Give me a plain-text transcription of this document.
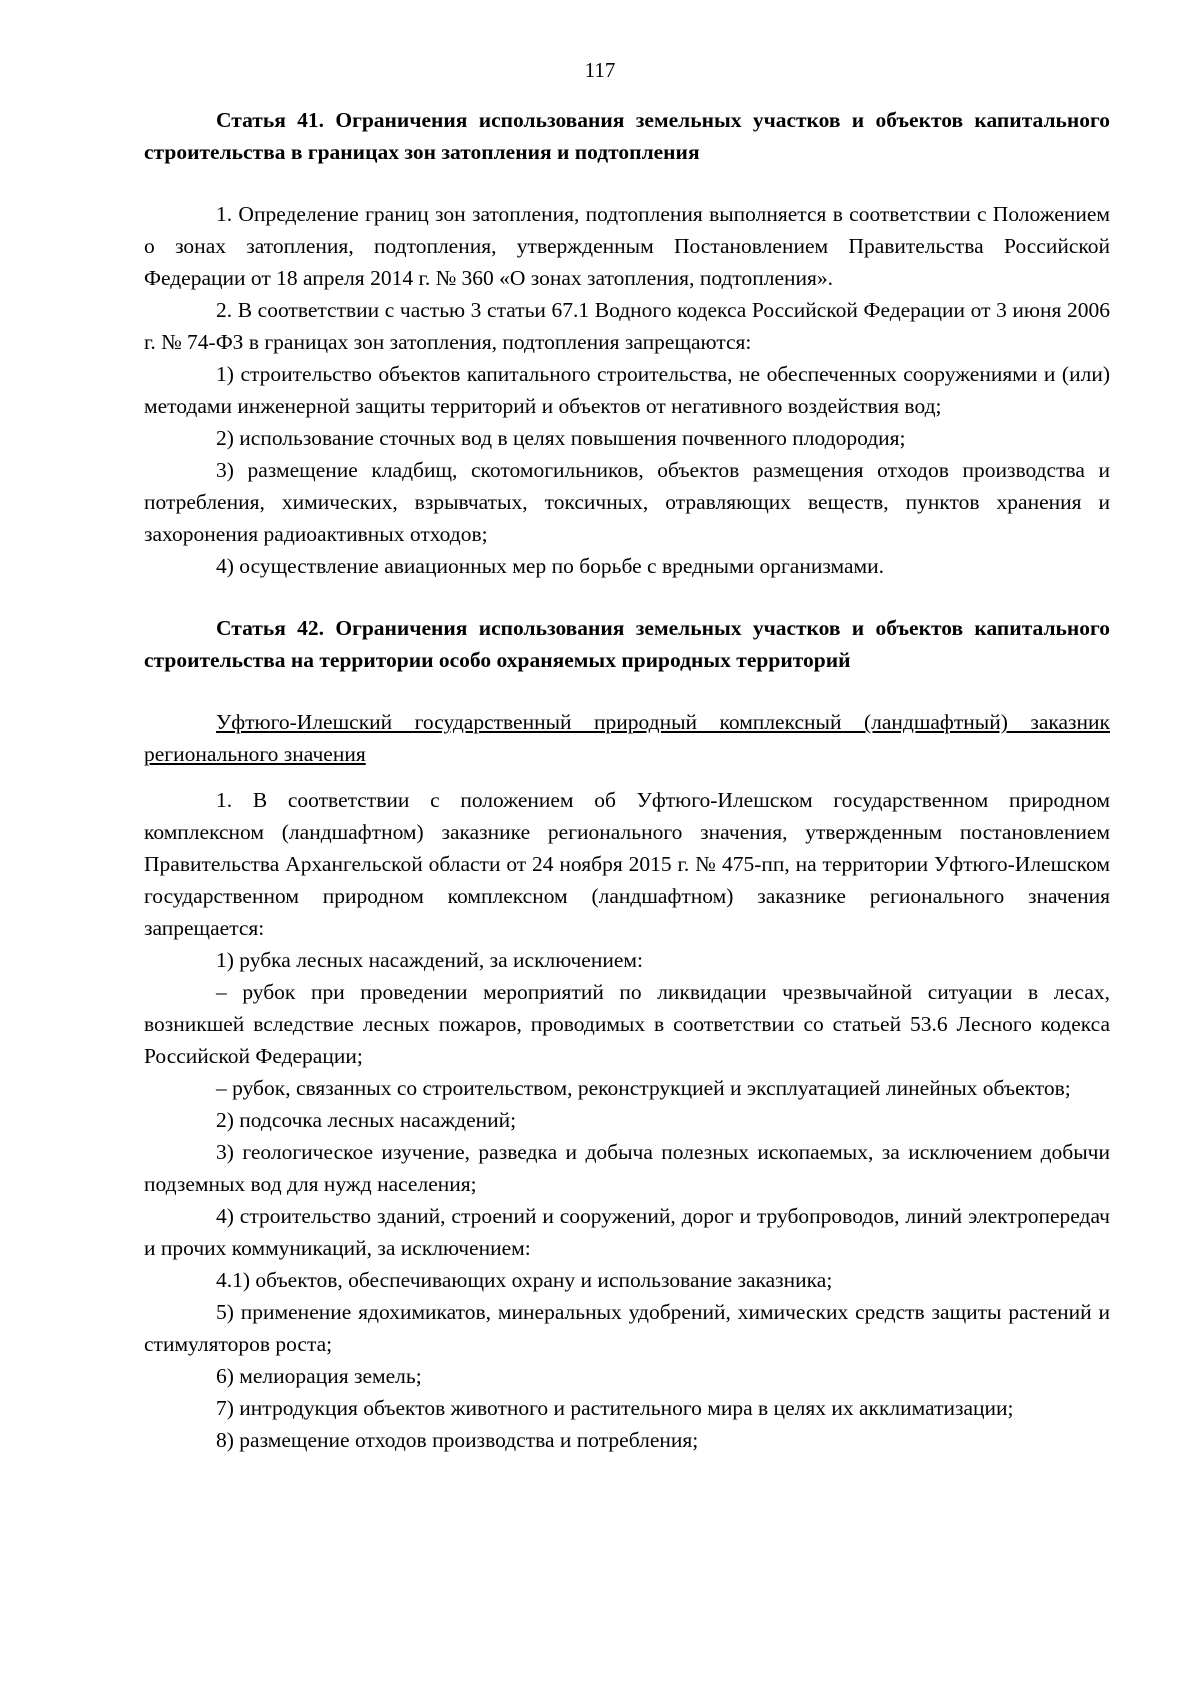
117

Статья 41. Ограничения использования земельных участков и объектов капитального строительства в границах зон затопления и подтопления

1. Определение границ зон затопления, подтопления выполняется в соответствии с Положением о зонах затопления, подтопления, утвержденным Постановлением Правительства Российской Федерации от 18 апреля 2014 г. № 360 «О зонах затопления, подтопления».

2. В соответствии с частью 3 статьи 67.1 Водного кодекса Российской Федерации от 3 июня 2006 г. № 74-ФЗ в границах зон затопления, подтопления запрещаются:

1) строительство объектов капитального строительства, не обеспеченных сооружениями и (или) методами инженерной защиты территорий и объектов от негативного воздействия вод;

2) использование сточных вод в целях повышения почвенного плодородия;

3) размещение кладбищ, скотомогильников, объектов размещения отходов производства и потребления, химических, взрывчатых, токсичных, отравляющих веществ, пунктов хранения и захоронения радиоактивных отходов;

4) осуществление авиационных мер по борьбе с вредными организмами.

Статья 42. Ограничения использования земельных участков и объектов капитального строительства на территории особо охраняемых природных территорий

Уфтюго-Илешский государственный природный комплексный (ландшафтный) заказник регионального значения

1. В соответствии с положением об Уфтюго-Илешском государственном природном комплексном (ландшафтном) заказнике регионального значения, утвержденным постановлением Правительства Архангельской области от 24 ноября 2015 г. № 475-пп, на территории Уфтюго-Илешском государственном природном комплексном (ландшафтном) заказнике регионального значения запрещается:

1) рубка лесных насаждений, за исключением:

– рубок при проведении мероприятий по ликвидации чрезвычайной ситуации в лесах, возникшей вследствие лесных пожаров, проводимых в соответствии со статьей 53.6 Лесного кодекса Российской Федерации;

– рубок, связанных со строительством, реконструкцией и эксплуатацией линейных объектов;

2) подсочка лесных насаждений;

3) геологическое изучение, разведка и добыча полезных ископаемых, за исключением добычи подземных вод для нужд населения;

4) строительство зданий, строений и сооружений, дорог и трубопроводов, линий электропередач и прочих коммуникаций, за исключением:

4.1) объектов, обеспечивающих охрану и использование заказника;

5) применение ядохимикатов, минеральных удобрений, химических средств защиты растений и стимуляторов роста;

6) мелиорация земель;

7) интродукция объектов животного и растительного мира в целях их акклиматизации;

8) размещение отходов производства и потребления;
